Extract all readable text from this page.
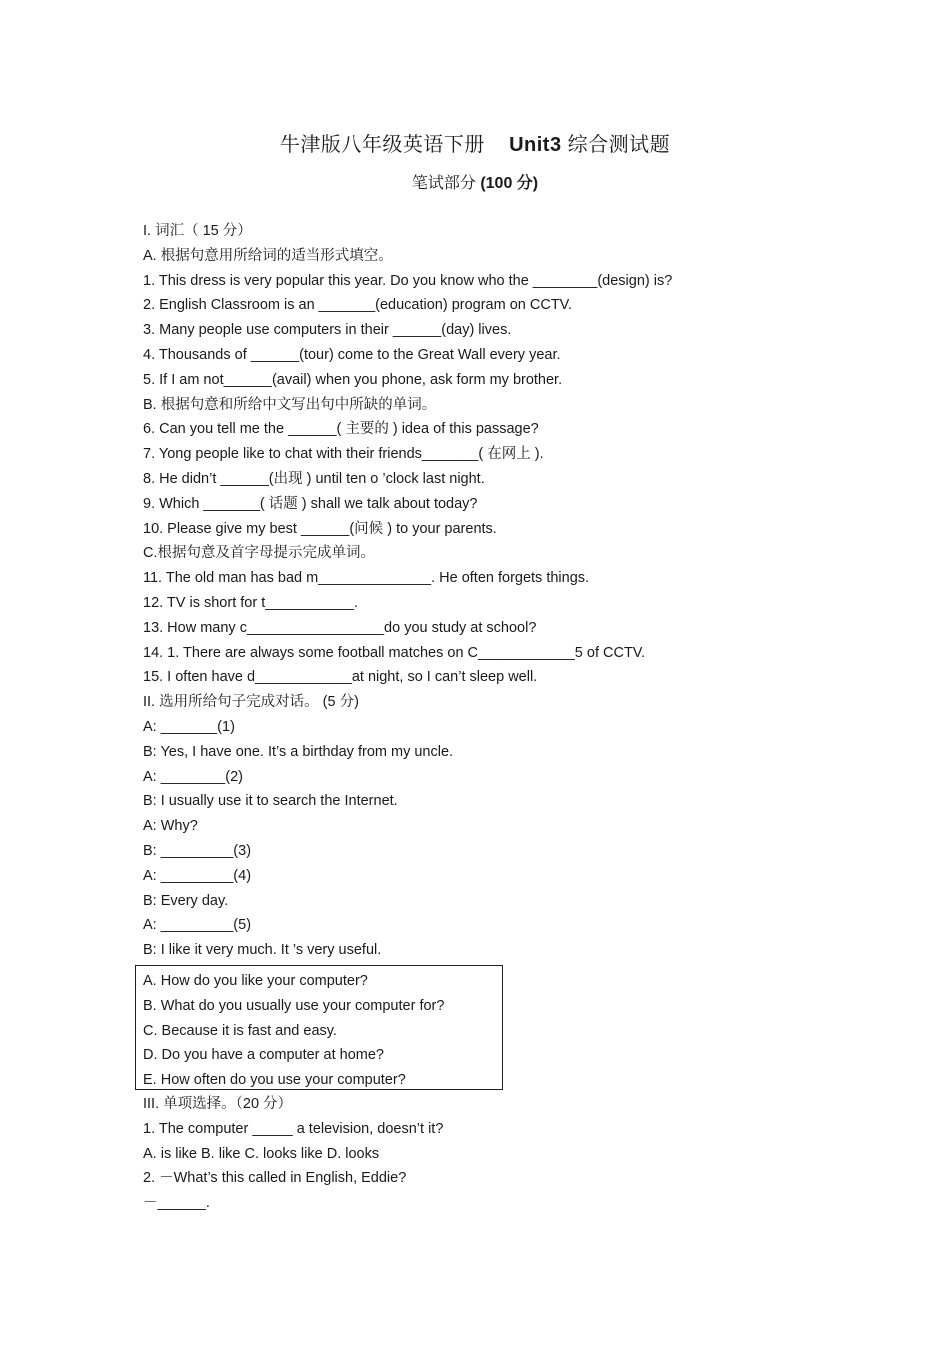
牛津版八年级英语下册 Unit3 综合测试题
笔试部分 (100 分)
I. 词汇（ 15 分）
A. 根据句意用所给词的适当形式填空。
1. This dress is very popular this year. Do you know who the ________(design) is?
2. English Classroom is an _______(education) program on CCTV.
3. Many people use computers in their ______(day) lives.
4. Thousands of ______(tour) come to the Great Wall every year.
5. If I am not______(avail) when you phone, ask form my brother.
B. 根据句意和所给中文写出句中所缺的单词。
6. Can you tell me the ______( 主要的 ) idea of this passage?
7. Yong people like to chat with their friends_______( 在网上 ).
8. He didn’t ______(出现 ) until ten o ’clock last night.
9. Which _______( 话题 ) shall we talk about today?
10. Please give my best ______(问候 ) to your parents.
C.根据句意及首字母提示完成单词。
11. The old man has bad m______________. He often forgets things.
12. TV is short for t___________.
13. How many c_________________do you study at school?
14. 1. There are always some football matches on C____________5 of CCTV.
15. I often have d____________at night, so I can’t sleep well.
II. 选用所给句子完成对话。 (5 分)
A: _______(1)
B: Yes, I have one. It’s a birthday from my uncle.
A: ________(2)
B: I usually use it to search the Internet.
A: Why?
B: _________(3)
A: _________(4)
B: Every day.
A: _________(5)
B: I like it very much. It ’s very useful.
A. How do you like your computer?
B. What do you usually use your computer for?
C. Because it is fast and easy.
D. Do you have a computer at home?
E. How often do you use your computer?
III. 单项选择。（20 分）
1. The computer _____ a television, doesn’t it?
A. is like B. like C. looks like D. looks
2. －What’s this called in English, Eddie?
－______.
